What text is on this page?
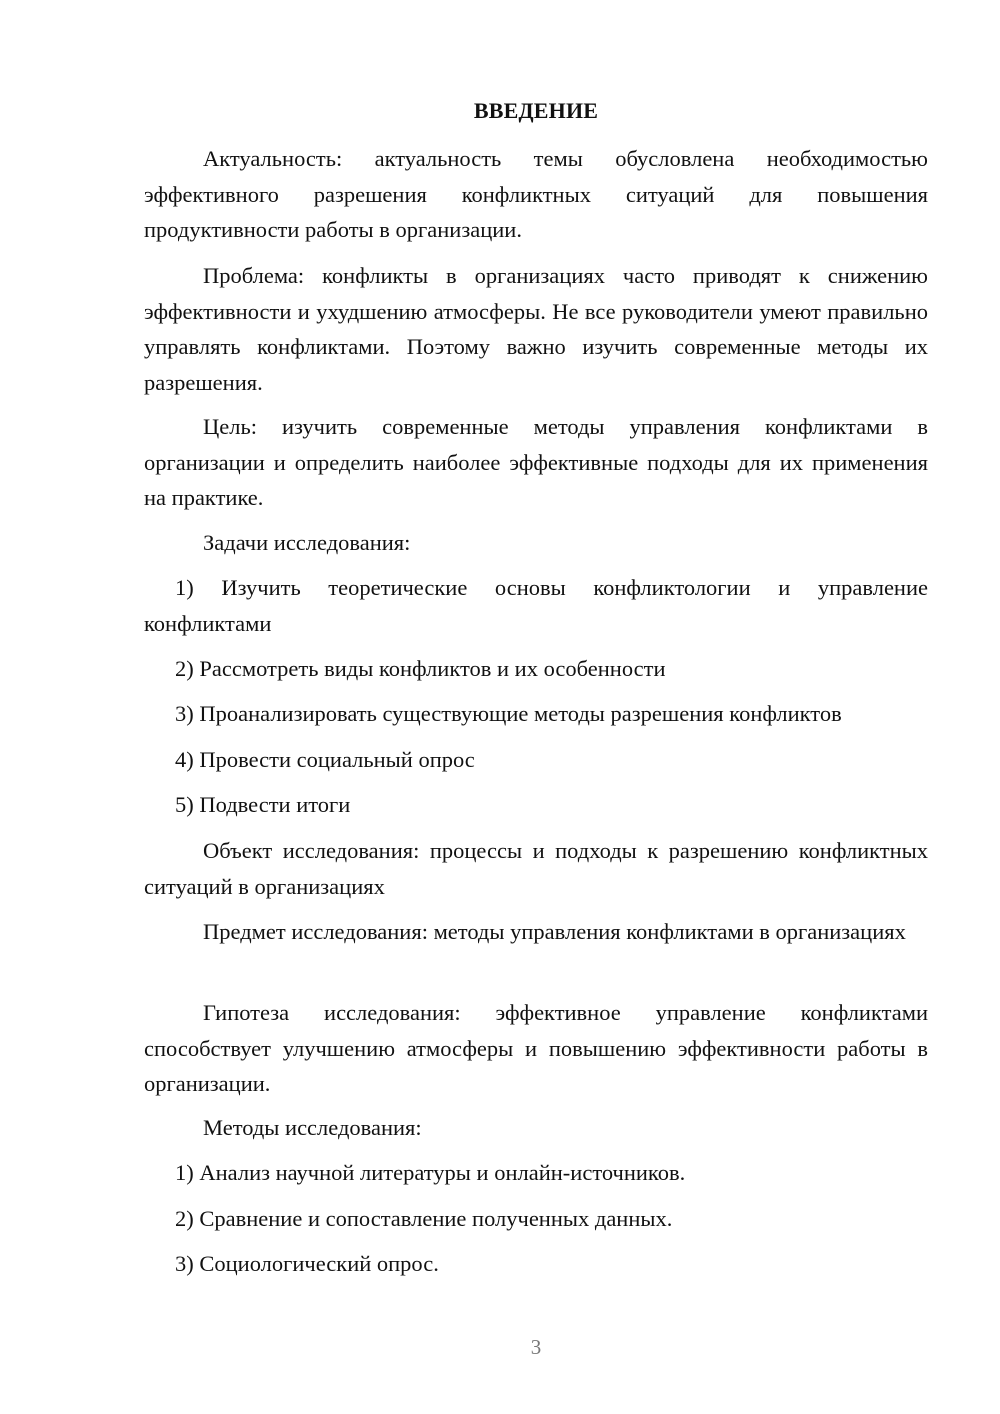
ВВЕДЕНИЕ

Актуальность: актуальность темы обусловлена необходимостью эффективного разрешения конфликтных ситуаций для повышения продуктивности работы в организации.

Проблема: конфликты в организациях часто приводят к снижению эффективности и ухудшению атмосферы. Не все руководители умеют правильно управлять конфликтами. Поэтому важно изучить современные методы их разрешения.

Цель: изучить современные методы управления конфликтами в организации и определить наиболее эффективные подходы для их применения на практике.

Задачи исследования:

1) Изучить теоретические основы конфликтологии и управление конфликтами

2) Рассмотреть виды конфликтов и их особенности

3) Проанализировать существующие методы разрешения конфликтов

4) Провести социальный опрос

5) Подвести итоги

Объект исследования: процессы и подходы к разрешению конфликтных ситуаций в организациях

Предмет исследования: методы управления конфликтами в организациях

Гипотеза исследования: эффективное управление конфликтами способствует улучшению атмосферы и повышению эффективности работы в организации.

Методы исследования:

1) Анализ научной литературы и онлайн-источников.

2) Сравнение и сопоставление полученных данных.

3) Социологический опрос.

3
